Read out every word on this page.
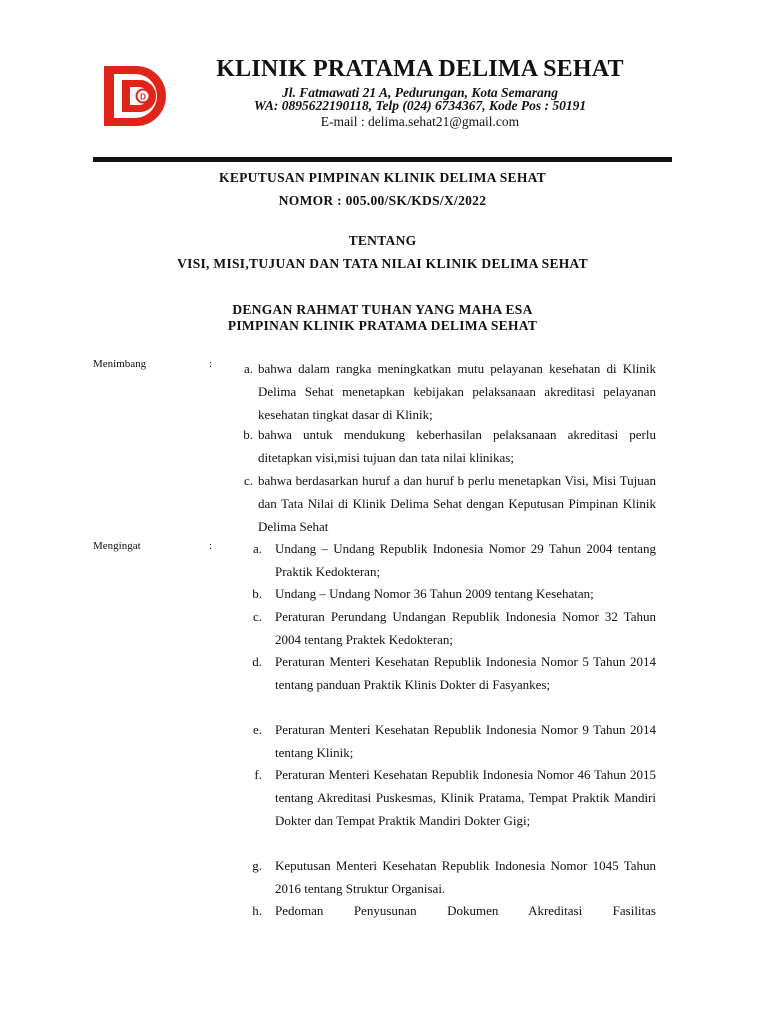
D
KLINIK PRATAMA DELIMA SEHAT
Jl. Fatmawati 21 A, Pedurungan, Kota Semarang
WA: 0895622190118, Telp (024) 6734367, Kode Pos : 50191
E-mail : delima.sehat21@gmail.com
KEPUTUSAN PIMPINAN KLINIK DELIMA SEHAT
NOMOR : 005.00/SK/KDS/X/2022
TENTANG
VISI, MISI,TUJUAN DAN TATA NILAI KLINIK DELIMA SEHAT
DENGAN RAHMAT TUHAN YANG MAHA ESA
PIMPINAN KLINIK PRATAMA DELIMA SEHAT
Menimbang	:	a. bahwa dalam rangka meningkatkan mutu pelayanan kesehatan di Klinik Delima Sehat menetapkan kebijakan pelaksanaan akreditasi pelayanan kesehatan tingkat dasar di Klinik;
b. bahwa untuk mendukung keberhasilan pelaksanaan akreditasi perlu ditetapkan visi,misi tujuan dan tata nilai klinikas;
c. bahwa berdasarkan huruf a dan huruf b perlu menetapkan Visi, Misi Tujuan dan Tata Nilai di Klinik Delima Sehat dengan Keputusan Pimpinan Klinik Delima Sehat
Mengingat	:	a. Undang – Undang Republik Indonesia Nomor 29 Tahun 2004 tentang Praktik Kedokteran;
b. Undang – Undang Nomor 36 Tahun 2009 tentang Kesehatan;
c. Peraturan Perundang Undangan Republik Indonesia Nomor 32 Tahun 2004 tentang Praktek Kedokteran;
d. Peraturan Menteri Kesehatan Republik Indonesia Nomor 5 Tahun 2014 tentang panduan Praktik Klinis Dokter di Fasyankes;
e. Peraturan Menteri Kesehatan Republik Indonesia Nomor 9 Tahun 2014 tentang Klinik;
f. Peraturan Menteri Kesehatan Republik Indonesia Nomor 46 Tahun 2015 tentang Akreditasi Puskesmas, Klinik Pratama, Tempat Praktik Mandiri Dokter dan Tempat Praktik Mandiri Dokter Gigi;
g. Keputusan Menteri Kesehatan Republik Indonesia Nomor 1045 Tahun 2016 tentang Struktur Organisai.
h. Pedoman Penyusunan Dokumen Akreditasi Fasilitas
